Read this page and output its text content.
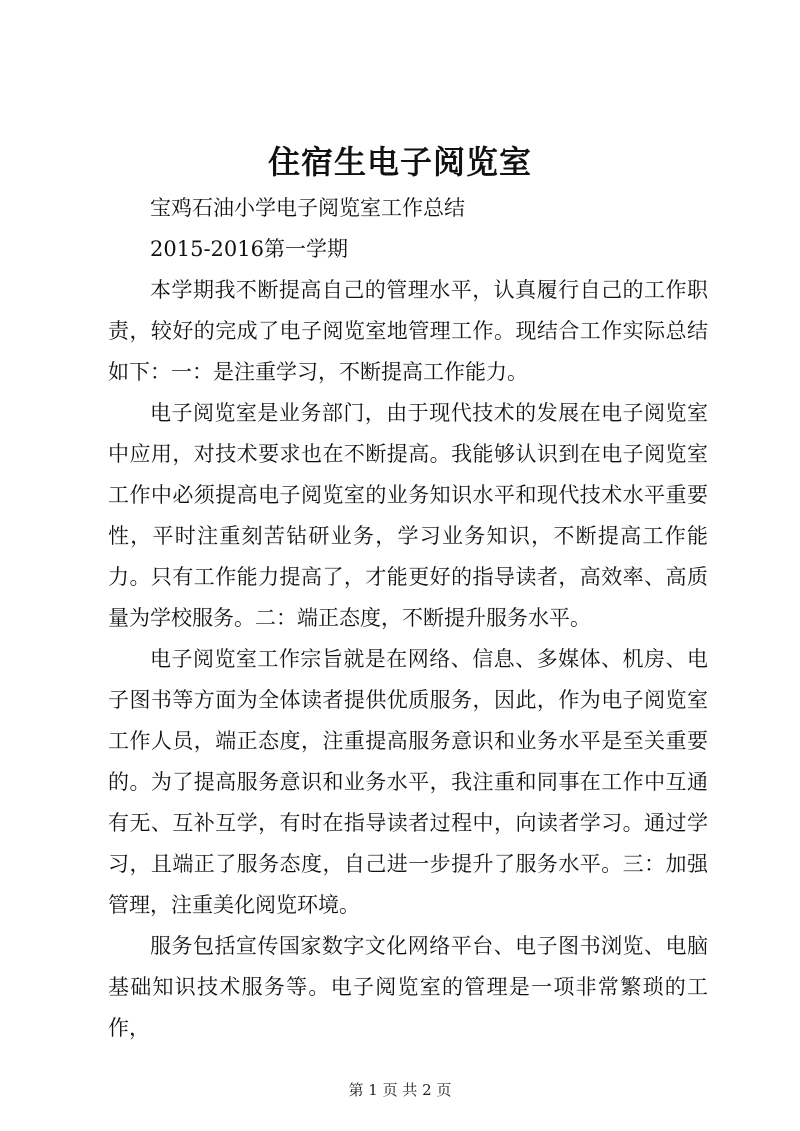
住宿生电子阅览室

宝鸡石油小学电子阅览室工作总结

2015-2016第一学期

本学期我不断提高自己的管理水平，认真履行自己的工作职责，较好的完成了电子阅览室地管理工作。现结合工作实际总结如下：一：是注重学习，不断提高工作能力。

电子阅览室是业务部门，由于现代技术的发展在电子阅览室中应用，对技术要求也在不断提高。我能够认识到在电子阅览室工作中必须提高电子阅览室的业务知识水平和现代技术水平重要性，平时注重刻苦钻研业务，学习业务知识，不断提高工作能力。只有工作能力提高了，才能更好的指导读者，高效率、高质量为学校服务。二：端正态度，不断提升服务水平。

电子阅览室工作宗旨就是在网络、信息、多媒体、机房、电子图书等方面为全体读者提供优质服务，因此，作为电子阅览室工作人员，端正态度，注重提高服务意识和业务水平是至关重要的。为了提高服务意识和业务水平，我注重和同事在工作中互通有无、互补互学，有时在指导读者过程中，向读者学习。通过学习，且端正了服务态度，自己进一步提升了服务水平。三：加强管理，注重美化阅览环境。

服务包括宣传国家数字文化网络平台、电子图书浏览、电脑基础知识技术服务等。电子阅览室的管理是一项非常繁琐的工作，

第 1 页 共 2 页
